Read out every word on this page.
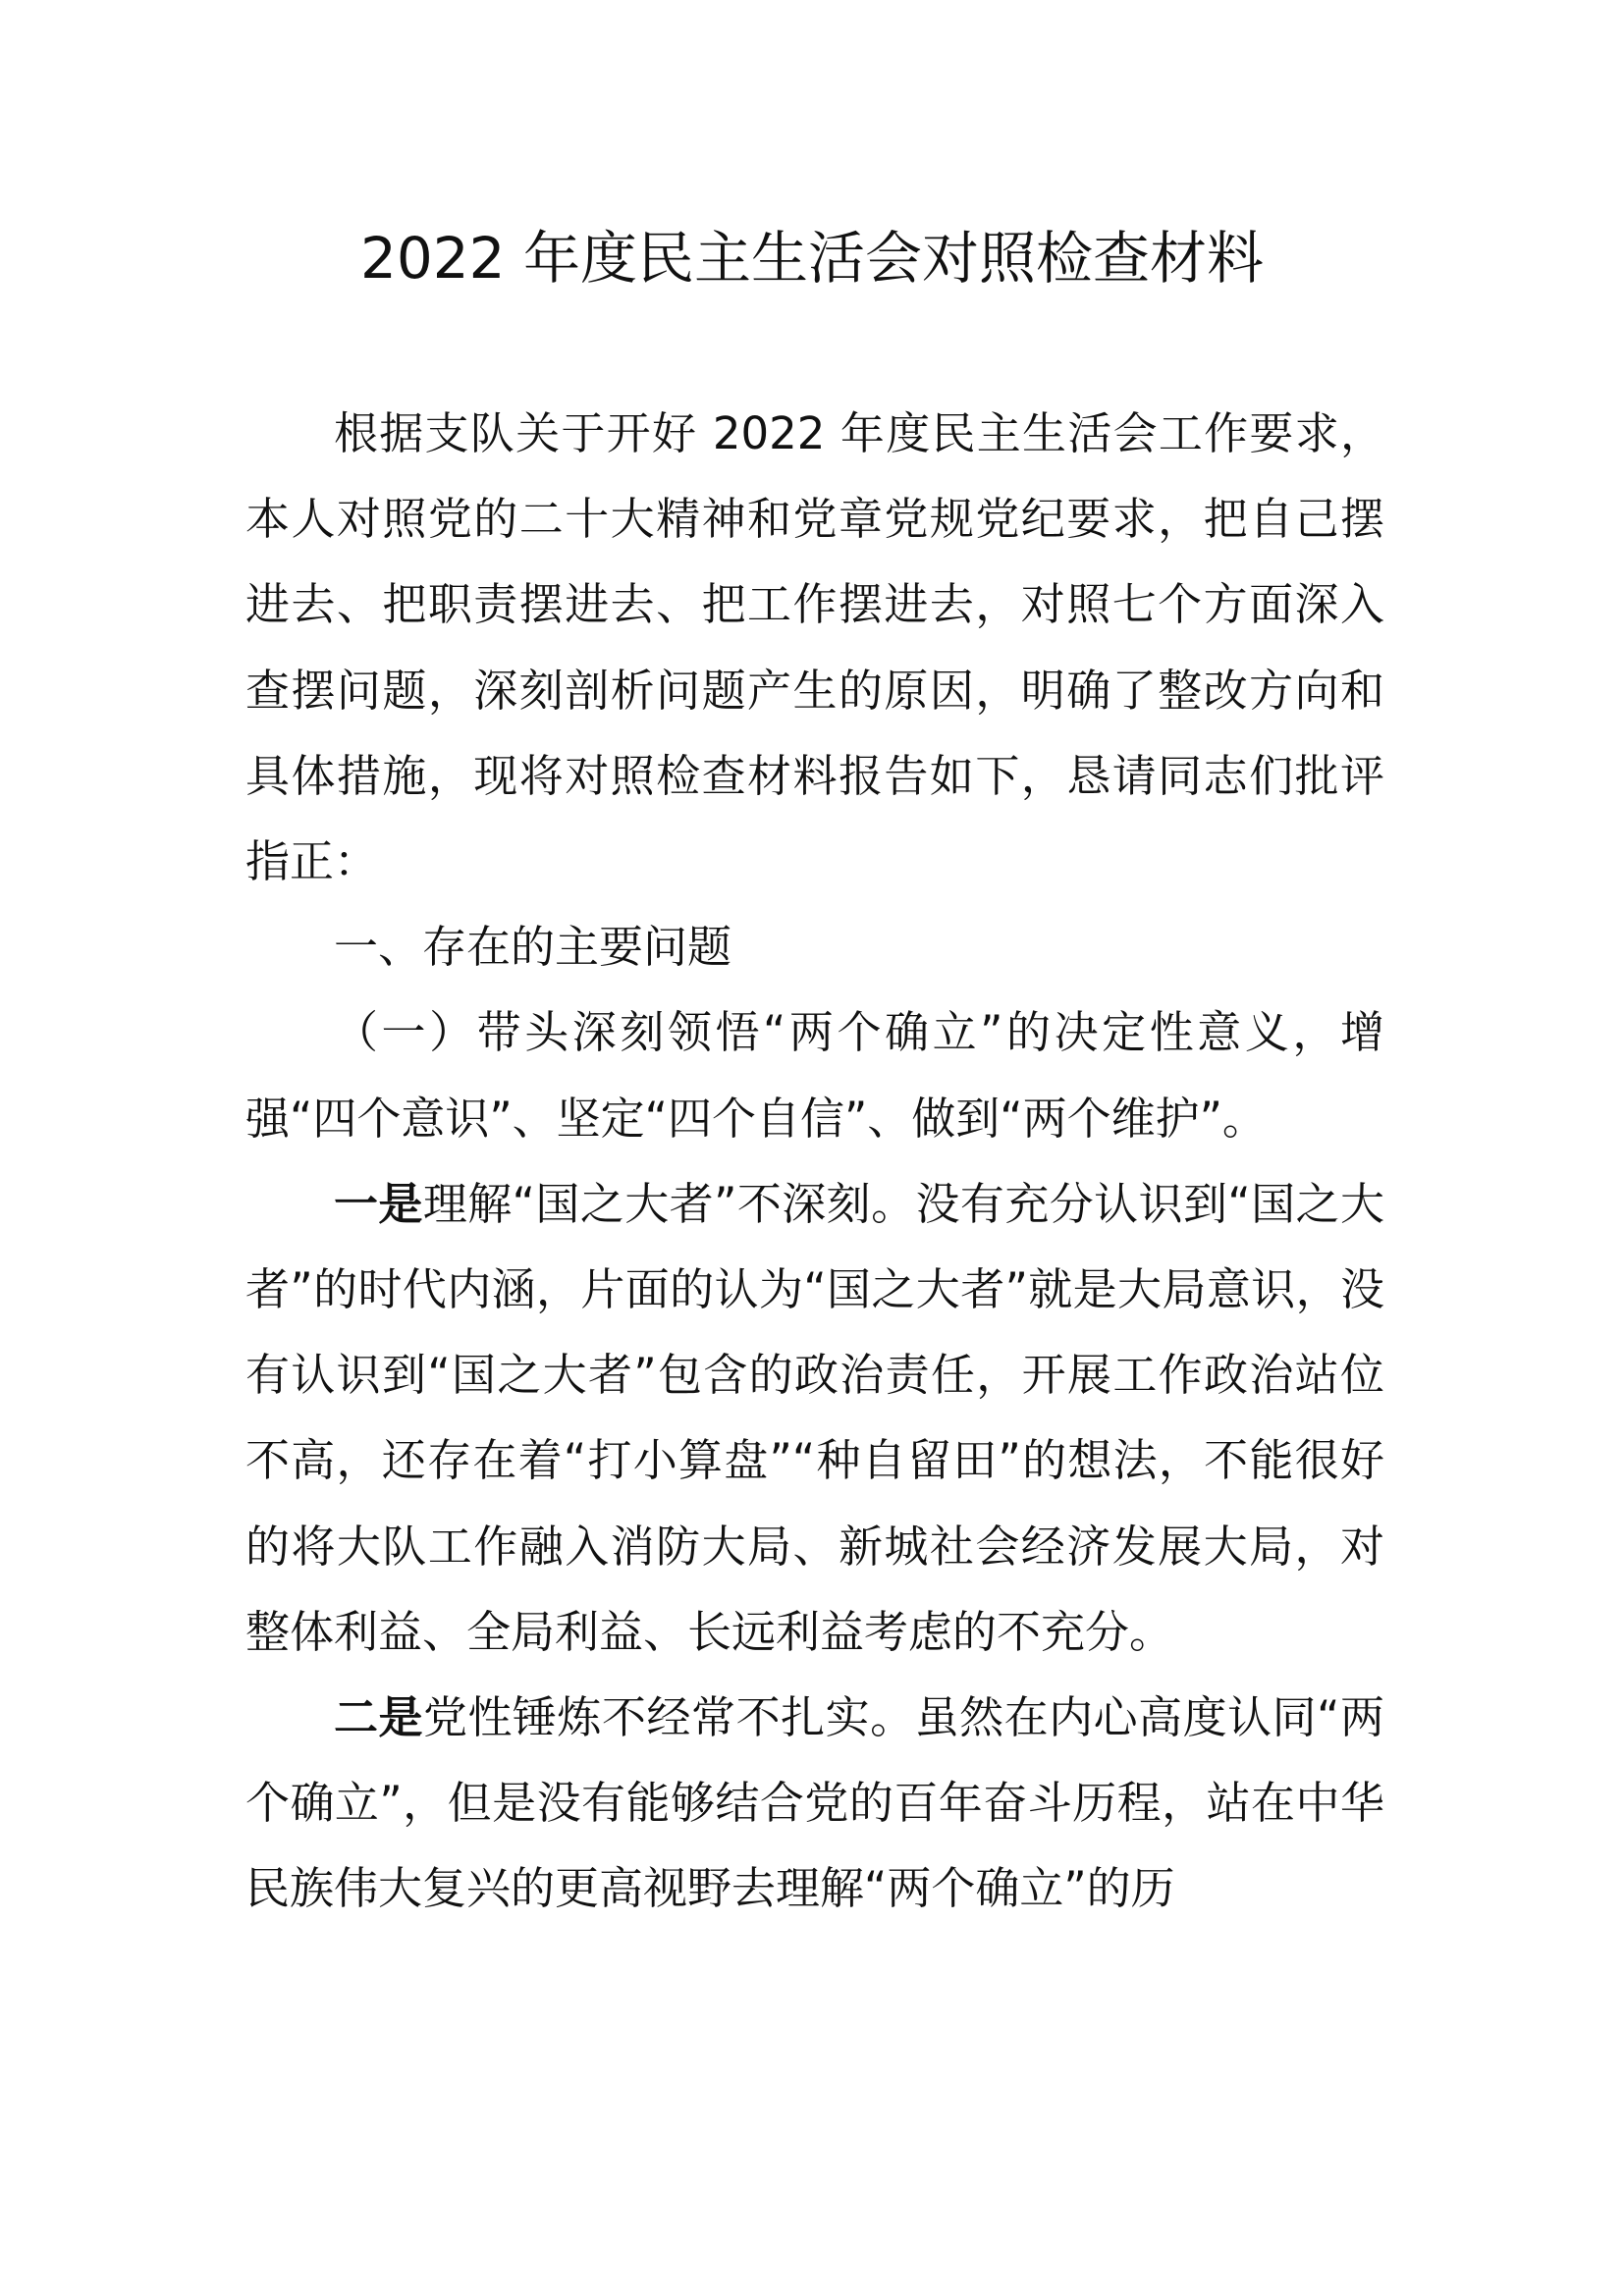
2022 年度民主生活会对照检查材料

根据支队关于开好 2022 年度民主生活会工作要求，本人对照党的二十大精神和党章党规党纪要求，把自己摆进去、把职责摆进去、把工作摆进去，对照七个方面深入查摆问题，深刻剖析问题产生的原因，明确了整改方向和具体措施，现将对照检查材料报告如下，恳请同志们批评指正：

一、存在的主要问题

（一）带头深刻领悟“两个确立”的决定性意义，增强“四个意识”、坚定“四个自信”、做到“两个维护”。

一是理解“国之大者”不深刻。没有充分认识到“国之大者”的时代内涵，片面的认为“国之大者”就是大局意识，没有认识到“国之大者”包含的政治责任，开展工作政治站位不高，还存在着“打小算盘”“种自留田”的想法，不能很好的将大队工作融入消防大局、新城社会经济发展大局，对整体利益、全局利益、长远利益考虑的不充分。

二是党性锤炼不经常不扎实。虽然在内心高度认同“两个确立”，但是没有能够结合党的百年奋斗历程，站在中华民族伟大复兴的更高视野去理解“两个确立”的历
